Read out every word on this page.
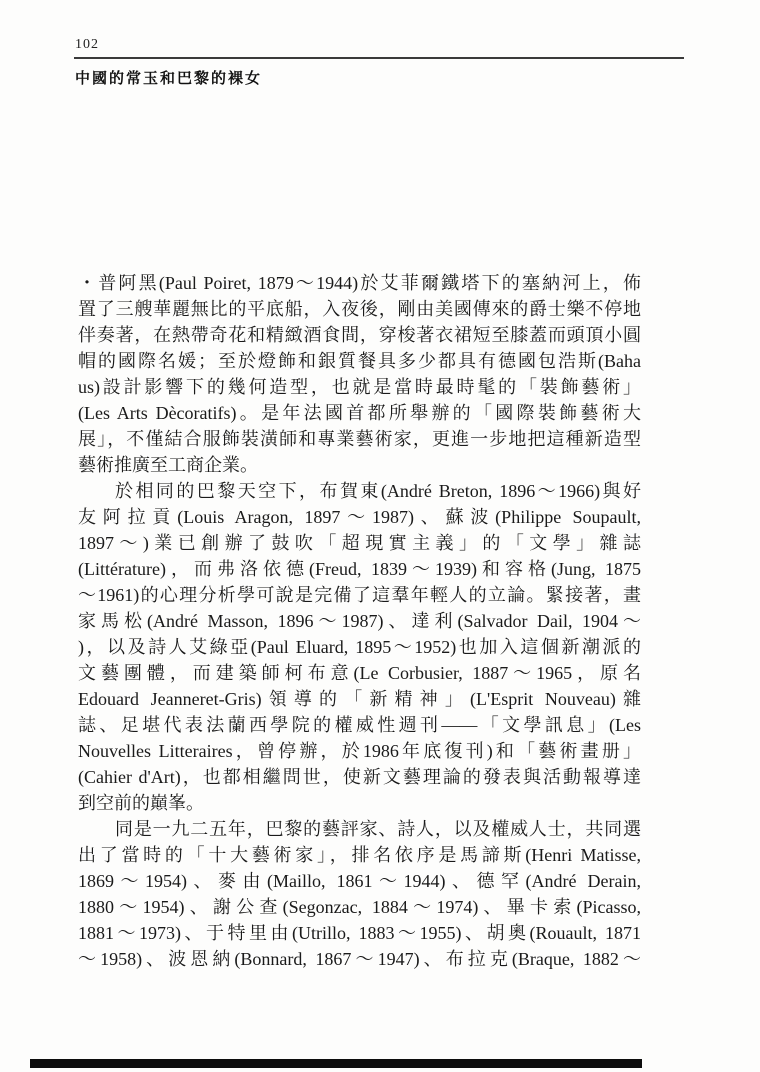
102
中國的常玉和巴黎的裸女
・普阿黑(Paul Poiret, 1879～1944)於艾菲爾鐵塔下的塞納河上，佈
置了三艘華麗無比的平底船，入夜後，剛由美國傳來的爵士樂不停地
伴奏著，在熱帶奇花和精緻酒食間，穿梭著衣裙短至膝蓋而頭頂小圓
帽的國際名媛；至於燈飾和銀質餐具多少都具有德國包浩斯(Baha
us)設計影響下的幾何造型，也就是當時最時髦的「裝飾藝術」
(Les Arts Dècoratifs)。是年法國首都所舉辦的「國際裝飾藝術大
展」，不僅結合服飾裝潢師和專業藝術家，更進一步地把這種新造型
藝術推廣至工商企業。
於相同的巴黎天空下，布賀東(André Breton, 1896～1966)與好
友阿拉貢(Louis Aragon, 1897～1987)、蘇波(Philippe Soupault,
1897～)業已創辦了鼓吹「超現實主義」的「文學」雜誌
(Littérature)，而弗洛依德(Freud, 1839～1939)和容格(Jung, 1875
～1961)的心理分析學可說是完備了這羣年輕人的立論。緊接著，畫
家馬松(André Masson, 1896～1987)、達利(Salvador Dail, 1904～
)，以及詩人艾綠亞(Paul Eluard, 1895～1952)也加入這個新潮派的
文藝團體，而建築師柯布意(Le Corbusier, 1887～1965，原名
Edouard Jeanneret-Gris)領導的「新精神」(L'Esprit Nouveau)雜
誌、足堪代表法蘭西學院的權威性週刊——「文學訊息」(Les
Nouvelles Litteraires，曾停辦，於1986年底復刊)和「藝術畫册」
(Cahier d'Art)，也都相繼問世，使新文藝理論的發表與活動報導達
到空前的巔峯。
同是一九二五年，巴黎的藝評家、詩人，以及權威人士，共同選
出了當時的「十大藝術家」，排名依序是馬諦斯(Henri Matisse,
1869～1954)、麥由(Maillo, 1861～1944)、德罕(André Derain,
1880～1954)、謝公查(Segonzac, 1884～1974)、畢卡索(Picasso,
1881～1973)、于特里由(Utrillo, 1883～1955)、胡奧(Rouault, 1871
～1958)、波恩納(Bonnard, 1867～1947)、布拉克(Braque, 1882～
